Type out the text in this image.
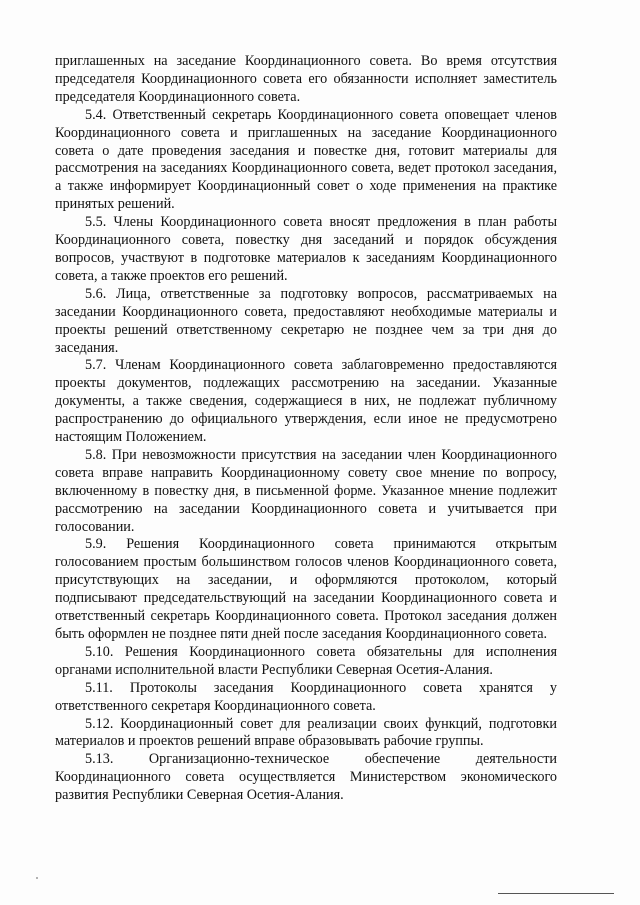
приглашенных на заседание Координационного совета. Во время отсутствия председателя Координационного совета его обязанности исполняет заместитель председателя Координационного совета.

5.4. Ответственный секретарь Координационного совета оповещает членов Координационного совета и приглашенных на заседание Координационного совета о дате проведения заседания и повестке дня, готовит материалы для рассмотрения на заседаниях Координационного совета, ведет протокол заседания, а также информирует Координационный совет о ходе применения на практике принятых решений.

5.5. Члены Координационного совета вносят предложения в план работы Координационного совета, повестку дня заседаний и порядок обсуждения вопросов, участвуют в подготовке материалов к заседаниям Координационного совета, а также проектов его решений.

5.6. Лица, ответственные за подготовку вопросов, рассматриваемых на заседании Координационного совета, предоставляют необходимые материалы и проекты решений ответственному секретарю не позднее чем за три дня до заседания.

5.7. Членам Координационного совета заблаговременно предоставляются проекты документов, подлежащих рассмотрению на заседании. Указанные документы, а также сведения, содержащиеся в них, не подлежат публичному распространению до официального утверждения, если иное не предусмотрено настоящим Положением.

5.8. При невозможности присутствия на заседании член Координационного совета вправе направить Координационному совету свое мнение по вопросу, включенному в повестку дня, в письменной форме. Указанное мнение подлежит рассмотрению на заседании Координационного совета и учитывается при голосовании.

5.9. Решения Координационного совета принимаются открытым голосованием простым большинством голосов членов Координационного совета, присутствующих на заседании, и оформляются протоколом, который подписывают председательствующий на заседании Координационного совета и ответственный секретарь Координационного совета. Протокол заседания должен быть оформлен не позднее пяти дней после заседания Координационного совета.

5.10. Решения Координационного совета обязательны для исполнения органами исполнительной власти Республики Северная Осетия-Алания.

5.11. Протоколы заседания Координационного совета хранятся у ответственного секретаря Координационного совета.

5.12. Координационный совет для реализации своих функций, подготовки материалов и проектов решений вправе образовывать рабочие группы.

5.13. Организационно-техническое обеспечение деятельности Координационного совета осуществляется Министерством экономического развития Республики Северная Осетия-Алания.
